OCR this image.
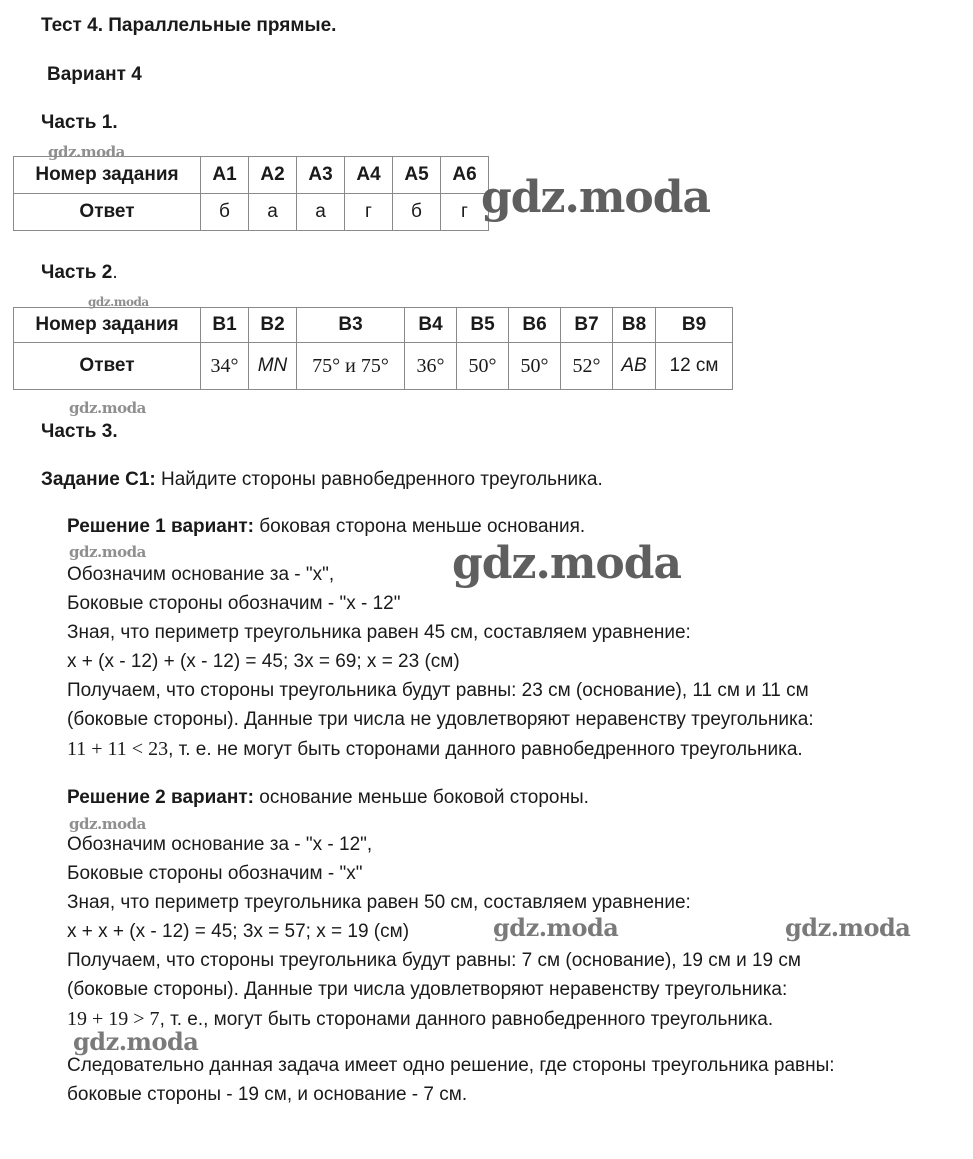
Тест 4. Параллельные прямые.
Вариант 4
Часть 1.
Номер задания	A1	A2	A3	A4	A5	A6
Ответ	б	а	а	г	б	г
Часть 2.
Номер задания	B1	B2	B3	B4	B5	B6	B7	B8	B9
Ответ	34°	MN	75° и 75°	36°	50°	50°	52°	AB	12 см
Часть 3.
Задание С1: Найдите стороны равнобедренного треугольника.
Решение 1 вариант: боковая сторона меньше основания.
Обозначим основание за - "x",
Боковые стороны обозначим - "x - 12"
Зная, что периметр треугольника равен 45 см, составляем уравнение:
x + (x - 12) + (x - 12) = 45; 3x = 69; x = 23 (см)
Получаем, что стороны треугольника будут равны: 23 см (основание), 11 см и 11 см
(боковые стороны). Данные три числа не удовлетворяют неравенству треугольника:
11 + 11 < 23, т. е. не могут быть сторонами данного равнобедренного треугольника.
Решение 2 вариант: основание меньше боковой стороны.
Обозначим основание за - "x - 12",
Боковые стороны обозначим - "x"
Зная, что периметр треугольника равен 50 см, составляем уравнение:
x + x + (x - 12) = 45; 3x = 57; x = 19 (см)
Получаем, что стороны треугольника будут равны: 7 см (основание), 19 см и 19 см
(боковые стороны). Данные три числа удовлетворяют неравенству треугольника:
19 + 19 > 7, т. е., могут быть сторонами данного равнобедренного треугольника.
Следовательно данная задача имеет одно решение, где стороны треугольника равны:
боковые стороны - 19 см, и основание - 7 см.
gdz.moda
gdz.moda
gdz.moda
gdz.moda
gdz.moda	gdz.moda
gdz.moda
gdz.moda	gdz.moda
gdz.moda
